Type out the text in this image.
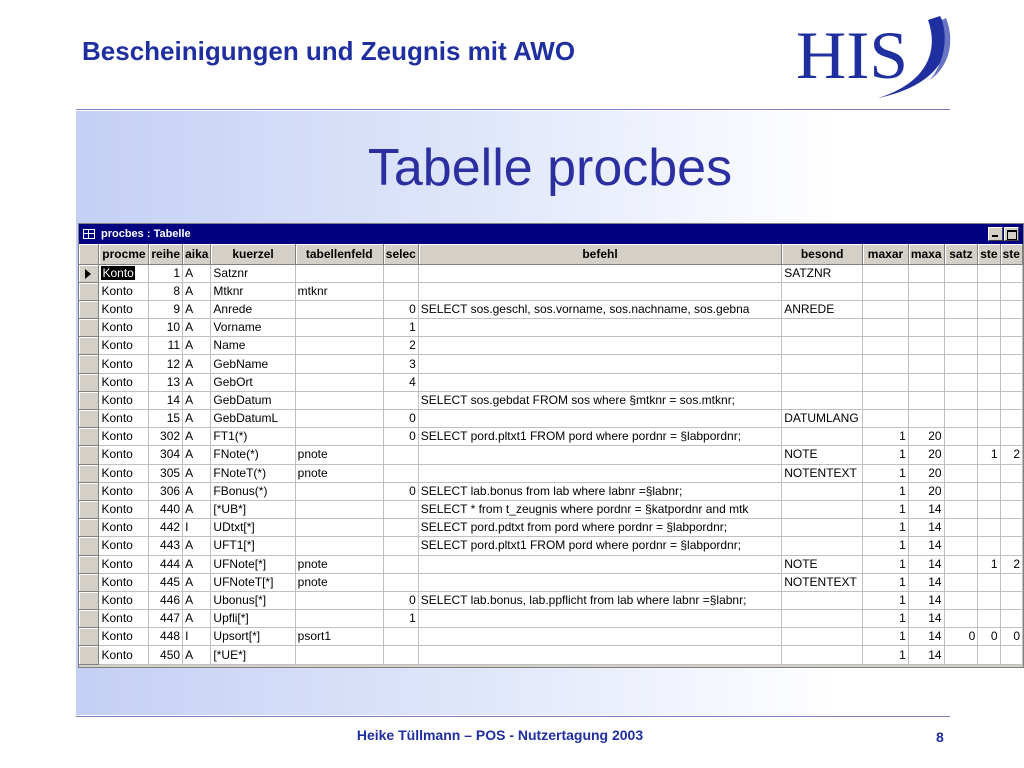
Bescheinigungen und Zeugnis mit AWO	HIS
Tabelle procbes
procbes : Tabelle
	procme	reihe	aika	kuerzel	tabellenfeld	selec	befehl	besond	maxar	maxa	satz	ste	ste

	Konto	1	A	Satznr				SATZNR					
	Konto	8	A	Mtknr	mtknr								
	Konto	9	A	Anrede		0	SELECT sos.geschl, sos.vorname, sos.nachname, sos.gebna	ANREDE					
	Konto	10	A	Vorname		1							
	Konto	11	A	Name		2							
	Konto	12	A	GebName		3							
	Konto	13	A	GebOrt		4							
	Konto	14	A	GebDatum			SELECT sos.gebdat FROM sos where §mtknr = sos.mtknr;						
	Konto	15	A	GebDatumL		0		DATUMLANG					
	Konto	302	A	FT1(*)		0	SELECT pord.pltxt1 FROM pord where pordnr = §labpordnr;		1	20			
	Konto	304	A	FNote(*)	pnote			NOTE	1	20		1	2
	Konto	305	A	FNoteT(*)	pnote			NOTENTEXT	1	20			
	Konto	306	A	FBonus(*)		0	SELECT lab.bonus from lab where labnr =§labnr;		1	20			
	Konto	440	A	[*UB*]			SELECT * from t_zeugnis where pordnr = §katpordnr and mtk		1	14			
	Konto	442	I	UDtxt[*]			SELECT pord.pdtxt from pord where pordnr = §labpordnr;		1	14			
	Konto	443	A	UFT1[*]			SELECT pord.pltxt1 FROM pord where pordnr = §labpordnr;		1	14			
	Konto	444	A	UFNote[*]	pnote			NOTE	1	14		1	2
	Konto	445	A	UFNoteT[*]	pnote			NOTENTEXT	1	14			
	Konto	446	A	Ubonus[*]		0	SELECT lab.bonus, lab.ppflicht from lab where labnr =§labnr;		1	14			
	Konto	447	A	Upfli[*]		1			1	14			
	Konto	448	I	Upsort[*]	psort1				1	14	0	0	0
	Konto	450	A	[*UE*]					1	14			
Heike Tüllmann – POS - Nutzertagung 2003	8
